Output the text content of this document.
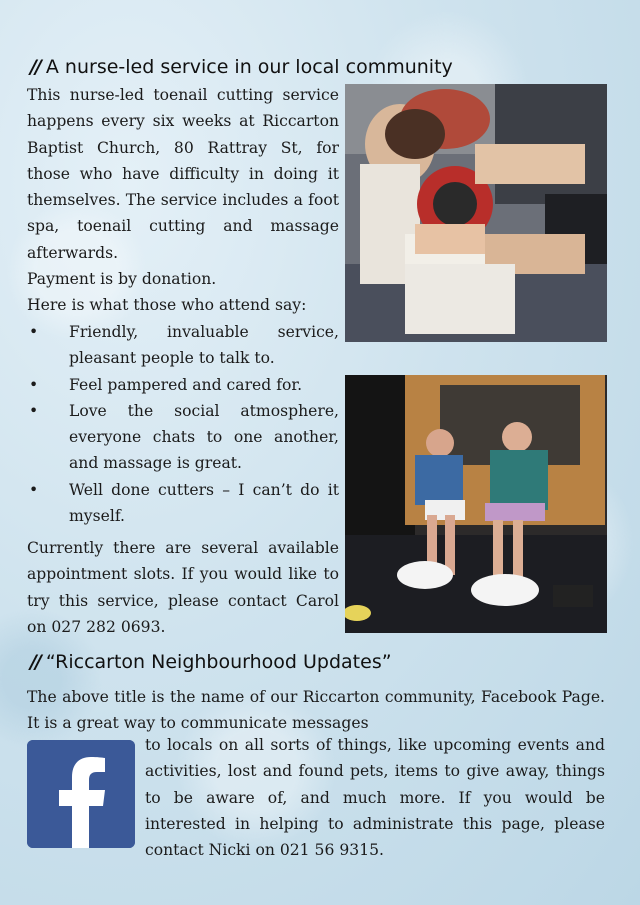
// A nurse-led service in our local community

This nurse-led toenail cutting service happens every six weeks at Riccarton Baptist Church, 80 Rattray St, for those who have difficulty in doing it themselves. The service includes a foot spa, toenail cutting and massage afterwards.

Payment is by donation.

Here is what those who attend say:

• Friendly, invaluable service, pleasant people to talk to.
• Feel pampered and cared for.
• Love the social atmosphere, everyone chats to one another, and massage is great.
• Well done cutters – I can’t do it myself.

Currently there are several available appointment slots. If you would like to try this service, please contact Carol on 027 282 0693.

// “Riccarton Neighbourhood Updates”

The above title is the name of our Riccarton community, Facebook Page. It is a great way to communicate messages

to locals on all sorts of things, like upcoming events and activities, lost and found pets, items to give away, things to be aware of, and much more. If you would be interested in helping to administrate this page, please contact Nicki on 021 56 9315.
